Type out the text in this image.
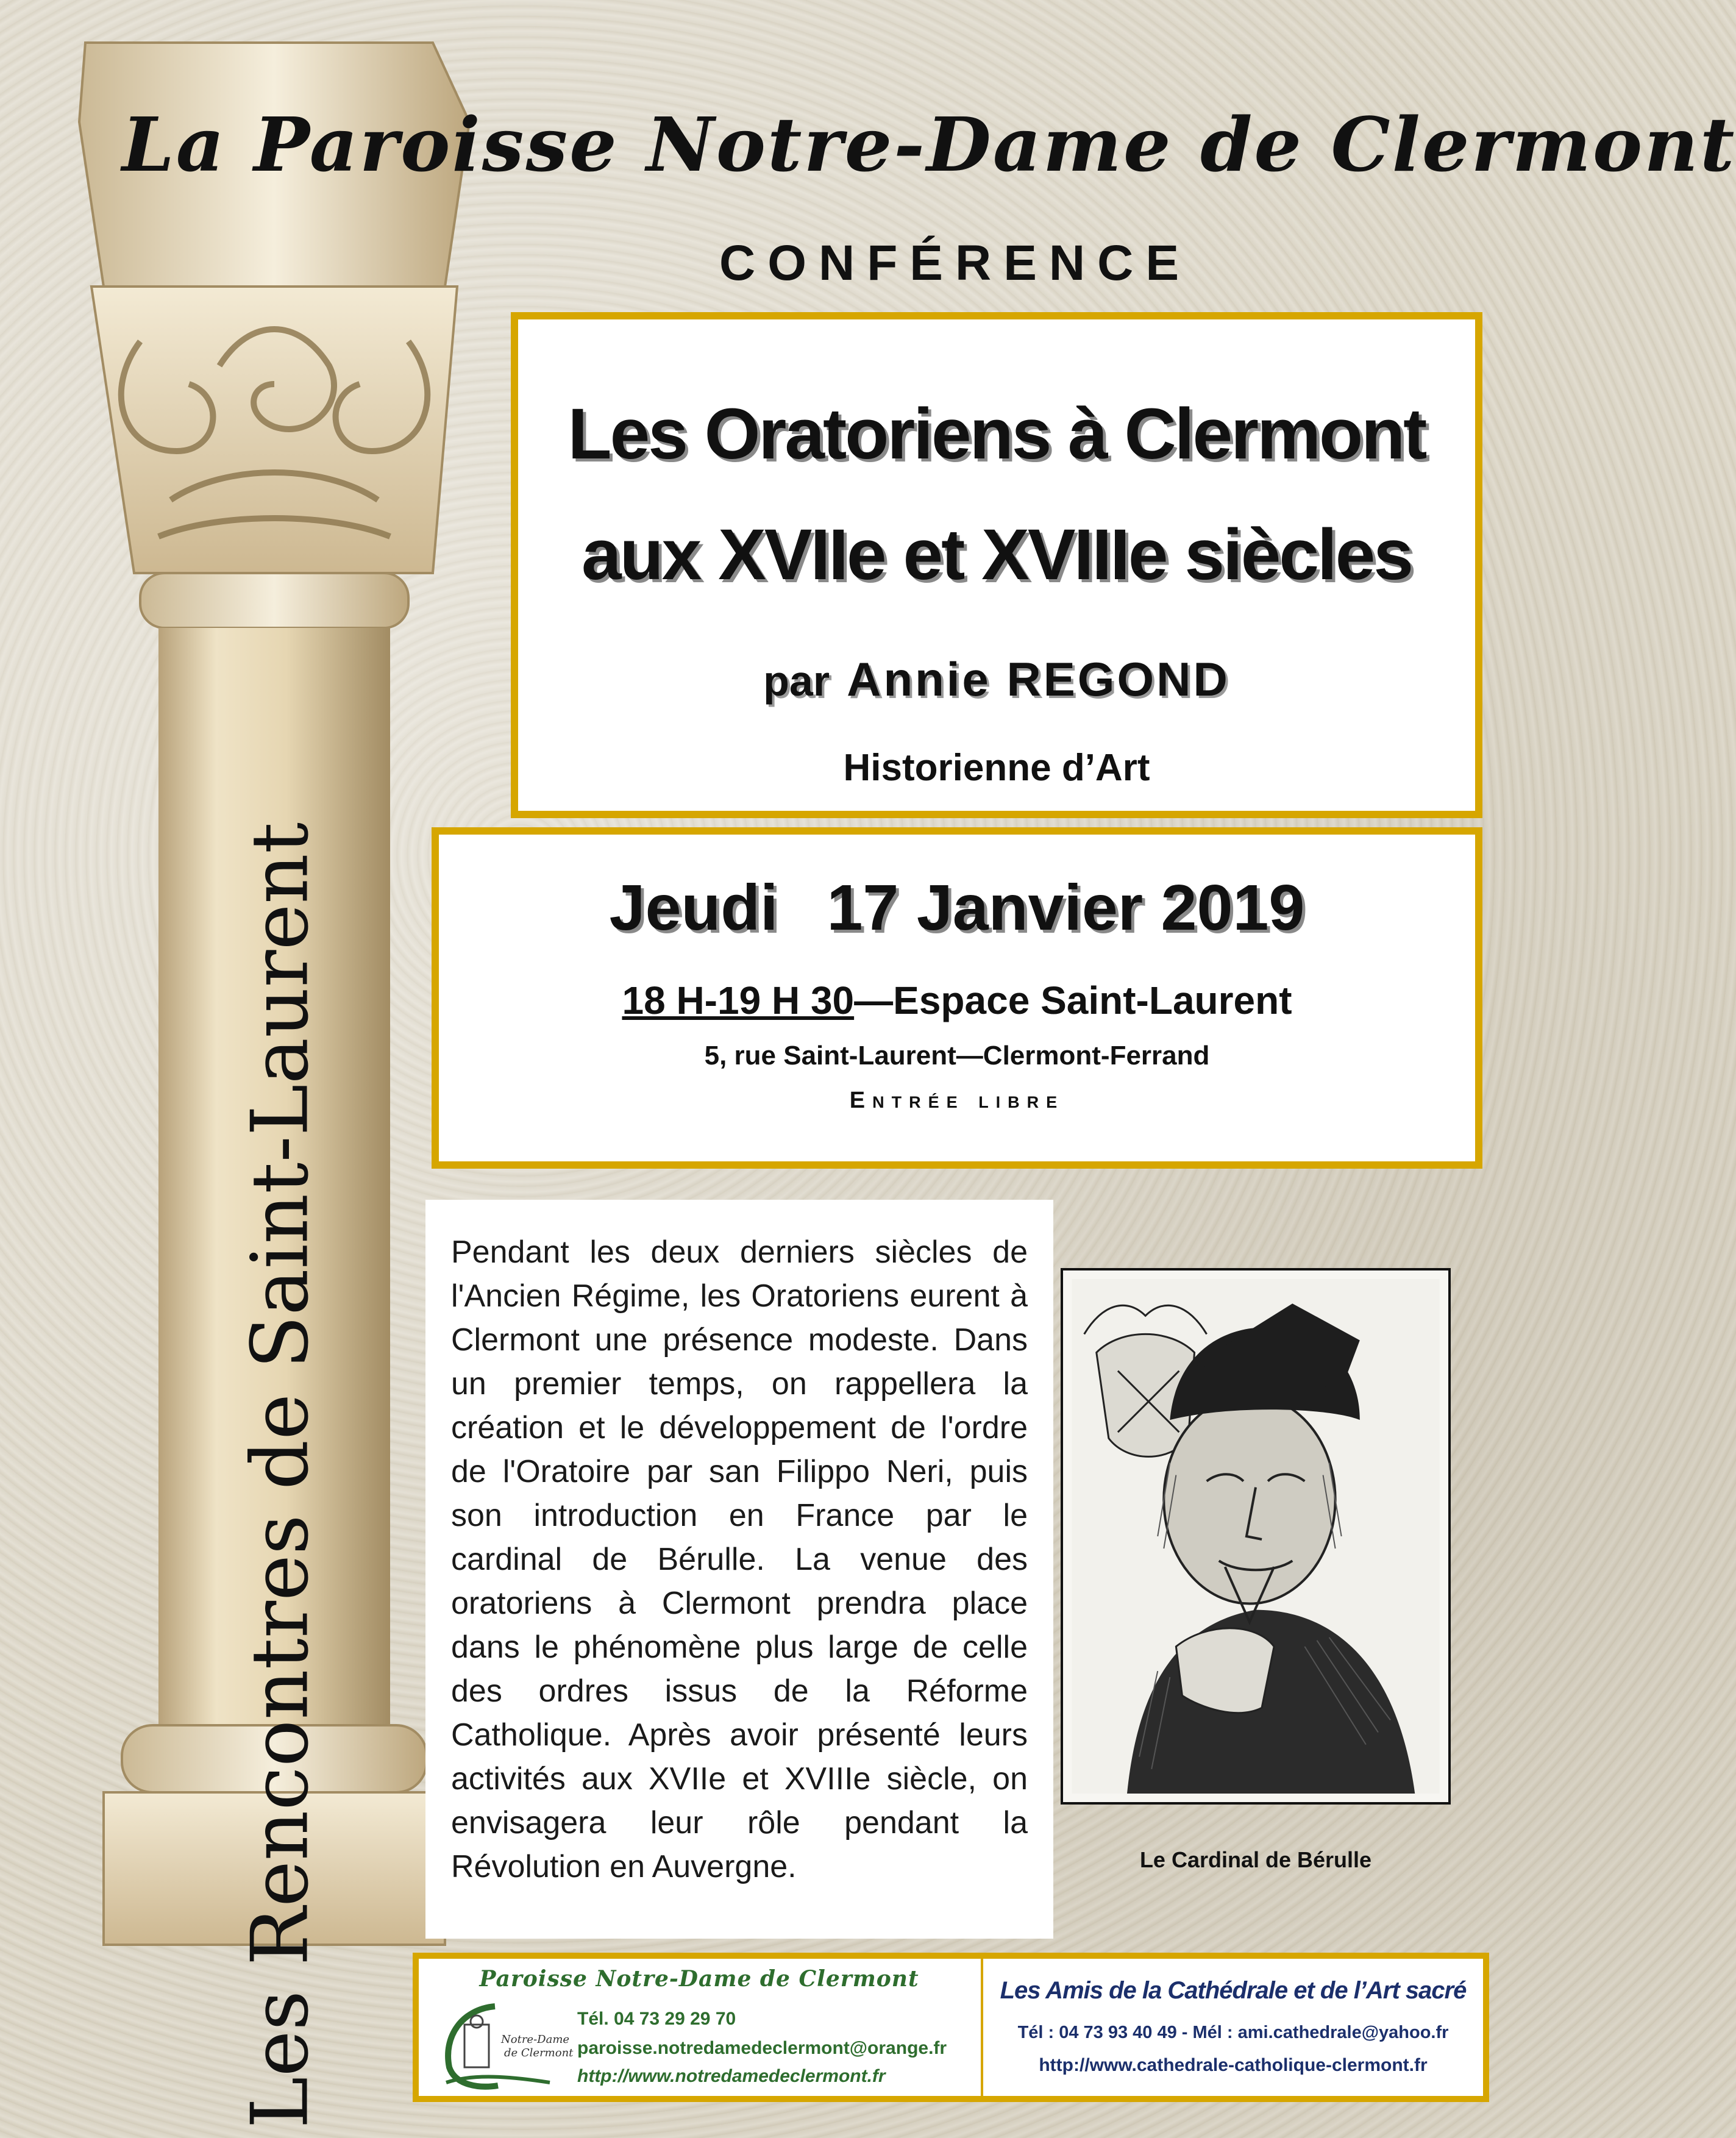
La Paroisse Notre-Dame de Clermont
CONFÉRENCE
Les Oratoriens à Clermont
aux XVIIe et XVIIIe siècles
par Annie REGOND
Historienne d’Art
Jeudi 17 Janvier 2019
18 H-19 H 30—Espace Saint-Laurent
5, rue Saint-Laurent—Clermont-Ferrand
Entrée libre
Les Rencontres de Saint-Laurent	Pendant les deux derniers siècles de l'Ancien Régime, les Oratoriens eurent à Clermont une présence modeste. Dans un premier temps, on rappellera la création et le développement de l'ordre de l'Oratoire par san Filippo Neri, puis son introduction en France par le cardinal de Bérulle. La venue des oratoriens à Clermont prendra place dans le phénomène plus large de celle des ordres issus de la Réforme Catholique. Après avoir présenté leurs activités aux XVIIe et XVIIIe siècle, on envisagera leur rôle pendant la Révolution en Auvergne.	Le Cardinal de Bérulle
Paroisse Notre-Dame de Clermont
Notre-Dame
de Clermont
Tél. 04 73 29 29 70
paroisse.notredamedeclermont@orange.fr
http://www.notredamedeclermont.fr
Les Amis de la Cathédrale et de l’Art sacré
Tél : 04 73 93 40 49 - Mél : ami.cathedrale@yahoo.fr
http://www.cathedrale-catholique-clermont.fr
